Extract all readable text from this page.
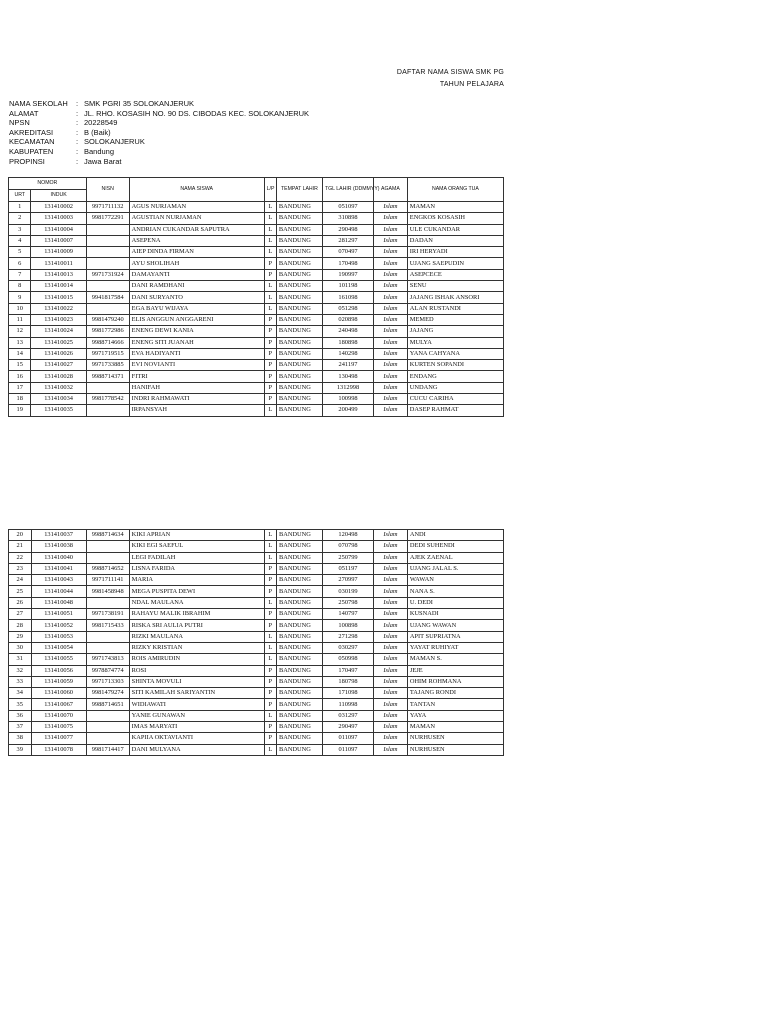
DAFTAR NAMA SISWA SMK PG
TAHUN PELAJARA
NAMA SEKOLAH	: SMK PGRI 35 SOLOKANJERUK
ALAMAT	: JL. RHO. KOSASIH NO. 90 DS. CIBODAS KEC. SOLOKANJERUK
NPSN	: 20228549
AKREDITASI	: B (Baik)
KECAMATAN	: SOLOKANJERUK
KABUPATEN	: Bandung
PROPINSI	: Jawa Barat
NOMOR		NISN	NAMA SISWA	L/P	TEMPAT LAHIR	TGL LAHIR (DDMMYY)	AGAMA	NAMA ORANG TUA
URT	INDUK							
1	131410002	9971711132	AGUS NURJAMAN	L	BANDUNG	051097	Islam	MAMAN
2	131410003	9981772291	AGUSTIAN NURJAMAN	L	BANDUNG	310898	Islam	ENGKOS KOSASIH
3	131410004		ANDRIAN CUKANDAR SAPUTRA	L	BANDUNG	290498	Islam	ULE CUKANDAR
4	131410007		ASEPENA	L	BANDUNG	281297	Islam	DADAN
5	131410009		AIEP DINDA FIRMAN	L	BANDUNG	070497	Islam	IRI HERYADI
6	131410011		AYU SHOLIHAH	P	BANDUNG	170498	Islam	UJANG SAEPUDIN
7	131410013	9971731924	DAMAYANTI	P	BANDUNG	190997	Islam	ASEPCECE
8	131410014		DANI RAMDHANI	L	BANDUNG	101198	Islam	SENU
9	131410015	9941817584	DANI SURYANTO	L	BANDUNG	161098	Islam	JAJANG ISHAK ANSORI
10	131410022		EGA BAYU WIJAYA	L	BANDUNG	051298	Islam	ALAN RUSTANDI
11	131410023	9981479240	ELIS ANGGUN ANGGARENI	P	BANDUNG	020898	Islam	MEMED
12	131410024	9981772986	ENENG DEWI KANIA	P	BANDUNG	240498	Islam	JAJANG
13	131410025	9988714666	ENENG SITI JUANAH	P	BANDUNG	180898	Islam	MULYA
14	131410026	9971719515	EVA HADIYANTI	P	BANDUNG	140298	Islam	YANA CAHYANA
15	131410027	9971733885	EVI NOVIANTI	P	BANDUNG	241197	Islam	KURTEN SOPANDI
16	131410028	9988714371	FITRI	P	BANDUNG	130498	Islam	ENDANG
17	131410032		HANIFAH	P	BANDUNG	1312998	Islam	UNDANG
18	131410034	9981778542	INDRI RAHMAWATI	P	BANDUNG	100998	Islam	CUCU CARIHA
19	131410035		IRPANSYAH	L	BANDUNG	200499	Islam	DASEP RAHMAT
20	131410037	9988714634	KIKI APRIAN	L	BANDUNG	120498	Islam	ANDI
21	131410038		KIKI EGI SAEFUL	L	BANDUNG	070798	Islam	DEDI SUHENDI
22	131410040		LEGI FADILAH	L	BANDUNG	250799	Islam	AJEK ZAENAL
23	131410041	9988714652	LISNA FARIDA	P	BANDUNG	051197	Islam	UJANG JALAL S.
24	131410043	9971711141	MARIA	P	BANDUNG	270997	Islam	WAWAN
25	131410044	9981458948	MEGA PUSPITA DEWI	P	BANDUNG	030199	Islam	NANA S.
26	131410048		NDAL MAULANA	L	BANDUNG	250798	Islam	U. DEDI
27	131410051	9971738191	RAHAYU MALIK IBRAHIM	P	BANDUNG	140797	Islam	KUSNADI
28	131410052	9981715433	RISKA SRI AULIA PUTRI	P	BANDUNG	100898	Islam	UJANG WAWAN
29	131410053		RIZKI MAULANA	L	BANDUNG	271298	Islam	APIT SUPRIATNA
30	131410054		RIZKY KRISTIAN	L	BANDUNG	030297	Islam	YAYAT RUHIYAT
31	131410055	9971743813	ROIS AMIRUDIN	L	BANDUNG	050998	Islam	MAMAN S.
32	131410056	9978874774	ROSI	P	BANDUNG	170497	Islam	JEJE
33	131410059	9971713303	SHINTA MOVULI	P	BANDUNG	180798	Islam	OHIM ROHMANA
34	131410060	9981479274	SITI KAMILAH SARIYANTIN	P	BANDUNG	171098	Islam	TAJANG RONDI
35	131410067	9988714651	WIDIAWATI	P	BANDUNG	110998	Islam	TANTAN
36	131410070		YANIE GUNAWAN	L	BANDUNG	031297	Islam	YAYA
37	131410075		IMAS MARYATI	P	BANDUNG	290497	Islam	MAMAN
38	131410077		KAPIIA OKTAVIANTI	P	BANDUNG	011097	Islam	NURHUSEN
39	131410078	9981714417	DANI MULYANA	L	BANDUNG	011097	Islam	NURHUSEN
